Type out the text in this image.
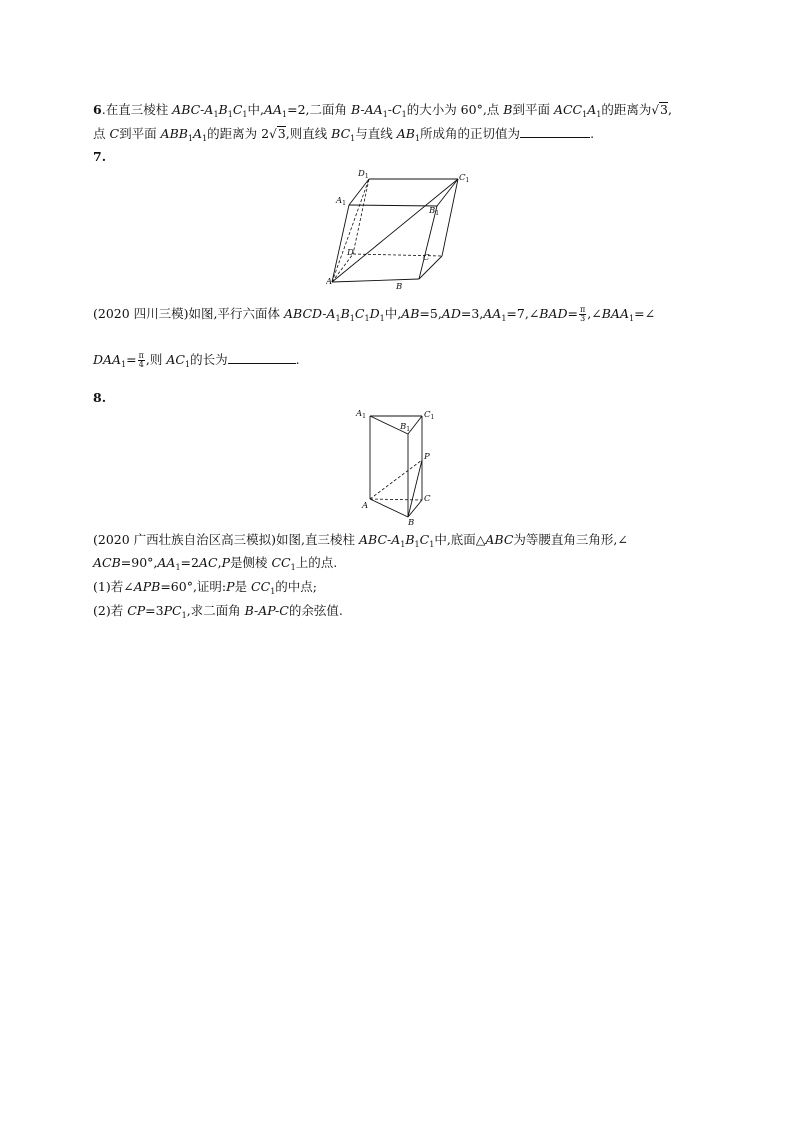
6.在直三棱柱 ABC-$A_1B_1C_1$中$,AA_1=2$,二面角 $B-AA_1-C_1$的大小为 60°,点 B到平面 $ACC_1A_1$的距离为√3,
点 C到平面 $ABB_1A_1$的距离为 2√3,则直线 $BC_1$与直线 $AB_1$所成角的正切值为	.
7.
$D_1$	$C_1$
$A_1$
$B_1$
D	C
A	B
(2020 四川三模)如图,平行六面体 ABCD-$A_1B_1C_1D_1$中$,AB=5,AD=3,AA_1=7,\angle BAD= \frac{\pi}{3}$ $,\angle BAA_1=\angle$
$DAA_1= \frac{\pi}{4}$ ,则 $AC_1$的长为	.
8.
$A_1$	$C_1$
$B_1$
P
C
A
B
(2020 广西壮族自治区高三模拟)如图,直三棱柱 ABC-$A_1B_1C_1$中,底面△ABC为等腰直角三角形,∠
$ACB=90^\circ,AA_1=2AC,P$是侧棱 $CC_1$上的点.
(1)若∠APB=60°,证明:P是 $CC_1$的中点;
(2)若 $CP=3PC_1$,求二面角 B-AP-C的余弦值.
